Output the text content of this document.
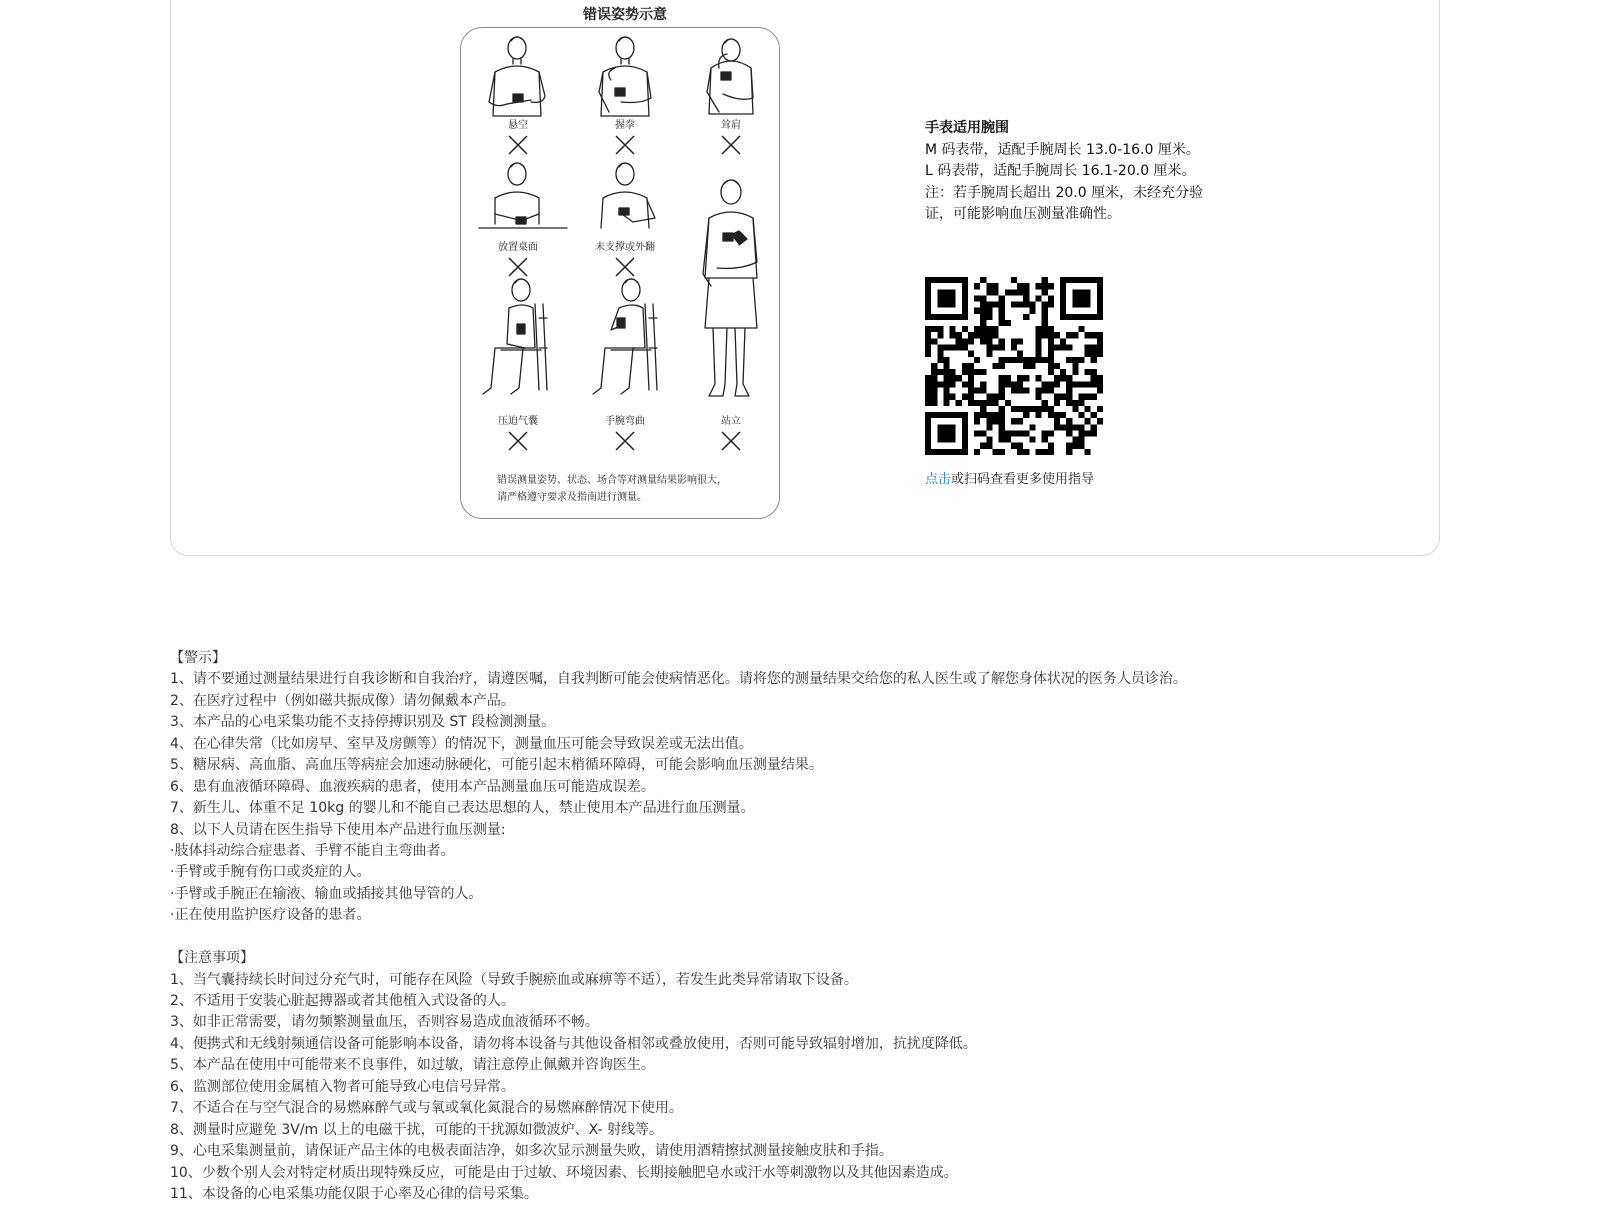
错误姿势示意
悬空	握拳	耸肩
放置桌面	未支撑或外翻
压迫气囊	手腕弯曲	站立
错误测量姿势、状态、场合等对测量结果影响很大，
请严格遵守要求及指南进行测量。
手表适用腕围
M 码表带，适配手腕周长 13.0-16.0 厘米。
L 码表带，适配手腕周长 16.1-20.0 厘米。
注：若手腕周长超出 20.0 厘米，未经充分验
证，可能影响血压测量准确性。
点击或扫码查看更多使用指导
【警示】
1、请不要通过测量结果进行自我诊断和自我治疗，请遵医嘱，自我判断可能会使病情恶化。请将您的测量结果交给您的私人医生或了解您身体状况的医务人员诊治。
2、在医疗过程中（例如磁共振成像）请勿佩戴本产品。
3、本产品的心电采集功能不支持停搏识别及 ST 段检测测量。
4、在心律失常（比如房早、室早及房颤等）的情况下，测量血压可能会导致误差或无法出值。
5、糖尿病、高血脂、高血压等病症会加速动脉硬化，可能引起末梢循环障碍，可能会影响血压测量结果。
6、患有血液循环障碍、血液疾病的患者，使用本产品测量血压可能造成误差。
7、新生儿、体重不足 10kg 的婴儿和不能自己表达思想的人，禁止使用本产品进行血压测量。
8、以下人员请在医生指导下使用本产品进行血压测量:
·肢体抖动综合症患者、手臂不能自主弯曲者。
·手臂或手腕有伤口或炎症的人。
·手臂或手腕正在输液、输血或插接其他导管的人。
·正在使用监护医疗设备的患者。
【注意事项】
1、当气囊持续长时间过分充气时，可能存在风险（导致手腕瘀血或麻痹等不适），若发生此类异常请取下设备。
2、不适用于安装心脏起搏器或者其他植入式设备的人。
3、如非正常需要，请勿频繁测量血压，否则容易造成血液循环不畅。
4、便携式和无线射频通信设备可能影响本设备，请勿将本设备与其他设备相邻或叠放使用，否则可能导致辐射增加，抗扰度降低。
5、本产品在使用中可能带来不良事件，如过敏，请注意停止佩戴并咨询医生。
6、监测部位使用金属植入物者可能导致心电信号异常。
7、不适合在与空气混合的易燃麻醉气或与氧或氧化氮混合的易燃麻醉情况下使用。
8、测量时应避免 3V/m 以上的电磁干扰，可能的干扰源如微波炉、X- 射线等。
9、心电采集测量前，请保证产品主体的电极表面洁净，如多次显示测量失败，请使用酒精擦拭测量接触皮肤和手指。
10、少数个别人会对特定材质出现特殊反应，可能是由于过敏、环境因素、长期接触肥皂水或汗水等刺激物以及其他因素造成。
11、本设备的心电采集功能仅限于心率及心律的信号采集。
